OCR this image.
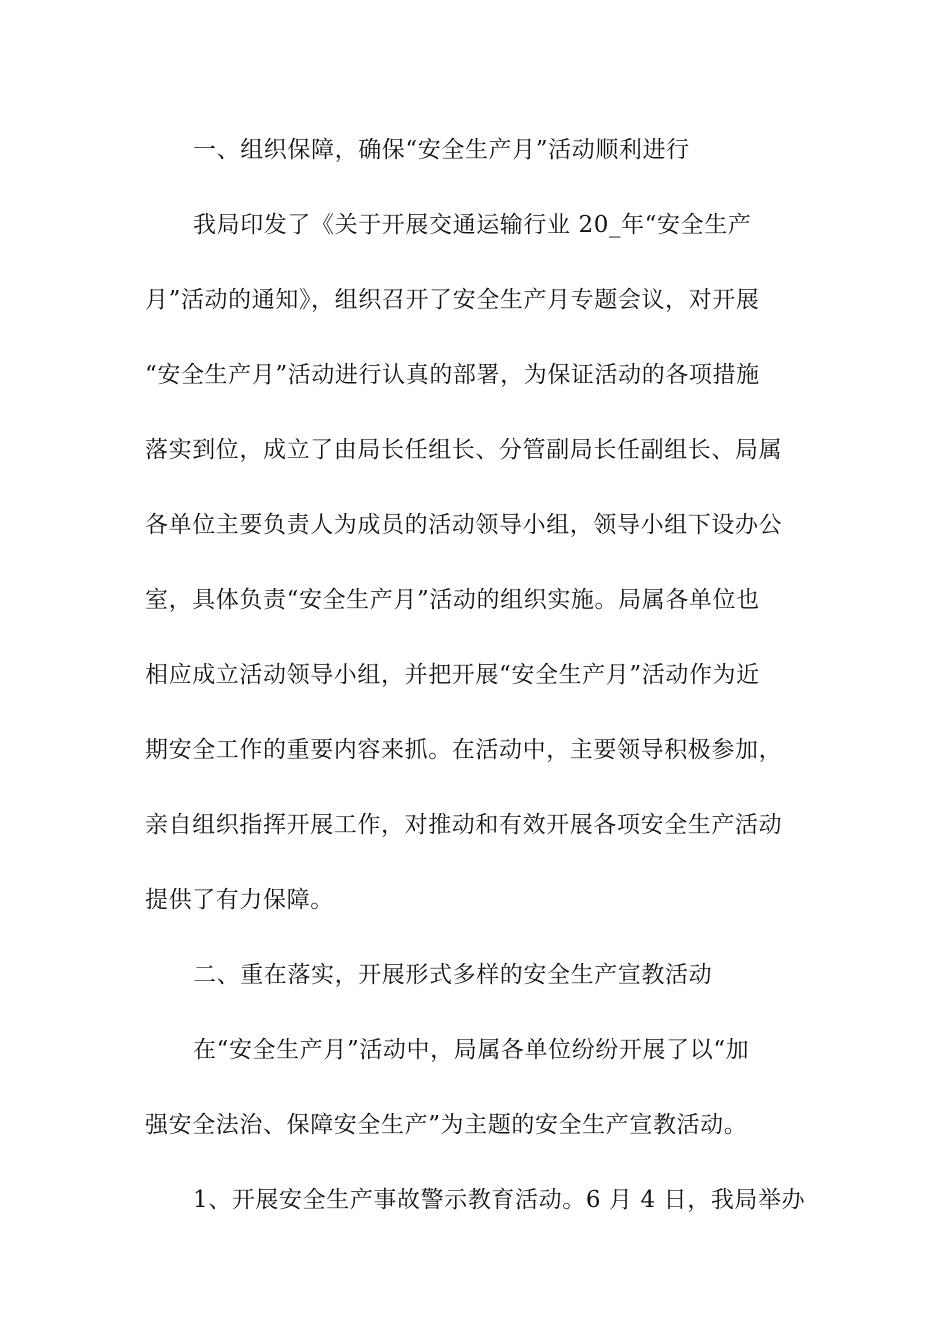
一、组织保障，确保“安全生产月”活动顺利进行
我局印发了《关于开展交通运输行业 20_年“安全生产
月”活动的通知》，组织召开了安全生产月专题会议，对开展
“安全生产月”活动进行认真的部署，为保证活动的各项措施
落实到位，成立了由局长任组长、分管副局长任副组长、局属
各单位主要负责人为成员的活动领导小组，领导小组下设办公
室，具体负责“安全生产月”活动的组织实施。局属各单位也
相应成立活动领导小组，并把开展“安全生产月”活动作为近
期安全工作的重要内容来抓。在活动中，主要领导积极参加，
亲自组织指挥开展工作，对推动和有效开展各项安全生产活动
提供了有力保障。
二、重在落实，开展形式多样的安全生产宣教活动
在“安全生产月”活动中，局属各单位纷纷开展了以“加
强安全法治、保障安全生产”为主题的安全生产宣教活动。
1、开展安全生产事故警示教育活动。6 月 4 日，我局举办
